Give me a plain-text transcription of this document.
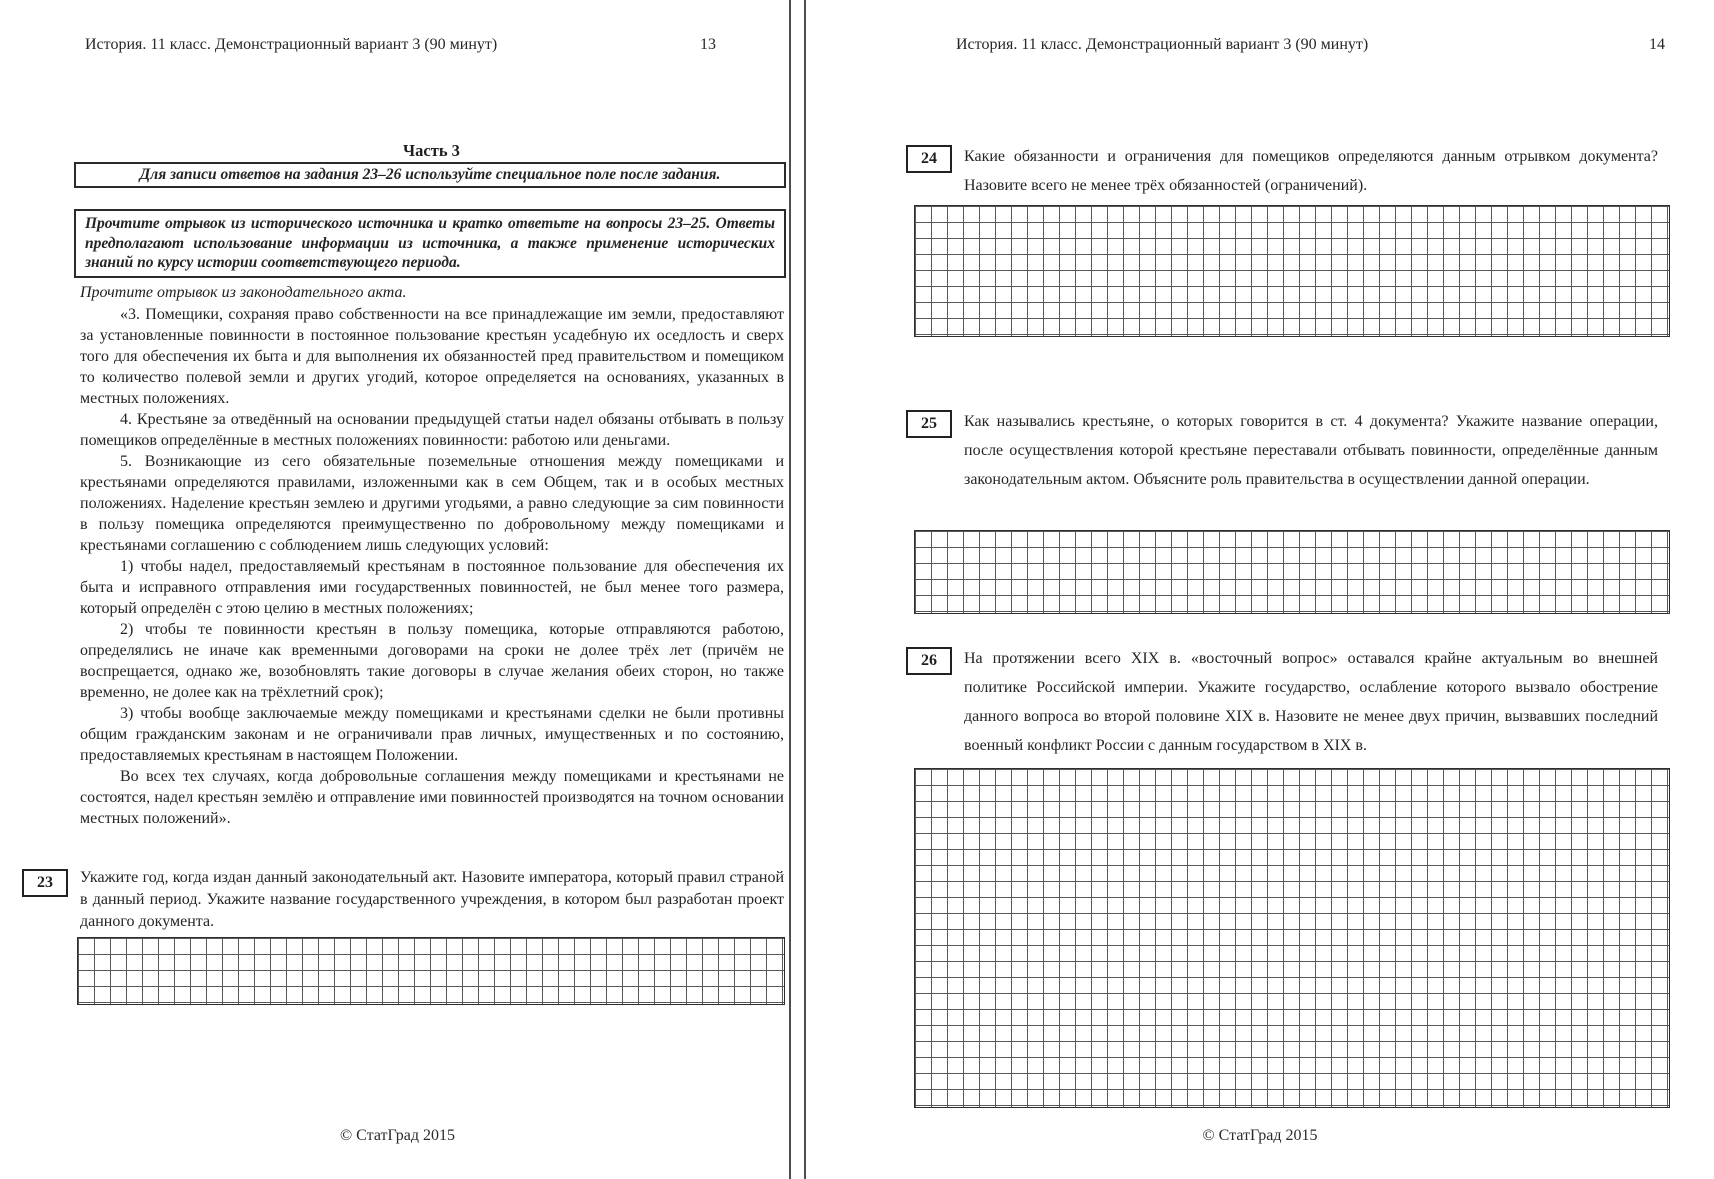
История. 11 класс. Демонстрационный вариант 3 (90 минут)	13
Часть 3
Для записи ответов на задания 23–26 используйте специальное поле после задания.
Прочтите отрывок из исторического источника и кратко ответьте на вопросы 23–25. Ответы предполагают использование информации из источника, а также применение исторических знаний по курсу истории соответствующего периода.
Прочтите отрывок из законодательного акта.

«3. Помещики, сохраняя право собственности на все принадлежащие им земли, предоставляют за установленные повинности в постоянное пользование крестьян усадебную их оседлость и сверх того для обеспечения их быта и для выполнения их обязанностей пред правительством и помещиком то количество полевой земли и других угодий, которое определяется на основаниях, указанных в местных положениях.

4. Крестьяне за отведённый на основании предыдущей статьи надел обязаны отбывать в пользу помещиков определённые в местных положениях повинности: работою или деньгами.

5. Возникающие из сего обязательные поземельные отношения между помещиками и крестьянами определяются правилами, изложенными как в сем Общем, так и в особых местных положениях. Наделение крестьян землею и другими угодьями, а равно следующие за сим повинности в пользу помещика определяются преимущественно по добровольному между помещиками и крестьянами соглашению с соблюдением лишь следующих условий:

1) чтобы надел, предоставляемый крестьянам в постоянное пользование для обеспечения их быта и исправного отправления ими государственных повинностей, не был менее того размера, который определён с этою целию в местных положениях;

2) чтобы те повинности крестьян в пользу помещика, которые отправляются работою, определялись не иначе как временными договорами на сроки не долее трёх лет (причём не воспрещается, однако же, возобновлять такие договоры в случае желания обеих сторон, но также временно, не долее как на трёхлетний срок);

3) чтобы вообще заключаемые между помещиками и крестьянами сделки не были противны общим гражданским законам и не ограничивали прав личных, имущественных и по состоянию, предоставляемых крестьянам в настоящем Положении.

Во всех тех случаях, когда добровольные соглашения между помещиками и крестьянами не состоятся, надел крестьян землёю и отправление ими повинностей производятся на точном основании местных положений».

23	Укажите год, когда издан данный законодательный акт. Назовите императора, который правил страной в данный период. Укажите название государственного учреждения, в котором был разработан проект данного документа.
© СтатГрад 2015
История. 11 класс. Демонстрационный вариант 3 (90 минут)	14
24	Какие обязанности и ограничения для помещиков определяются данным отрывком документа? Назовите всего не менее трёх обязанностей (ограничений).
25	Как назывались крестьяне, о которых говорится в ст. 4 документа? Укажите название операции, после осуществления которой крестьяне переставали отбывать повинности, определённые данным законодательным актом. Объясните роль правительства в осуществлении данной операции.
26	На протяжении всего XIX в. «восточный вопрос» оставался крайне актуальным во внешней политике Российской империи. Укажите государство, ослабление которого вызвало обострение данного вопроса во второй половине XIX в. Назовите не менее двух причин, вызвавших последний военный конфликт России с данным государством в XIX в.
© СтатГрад 2015
